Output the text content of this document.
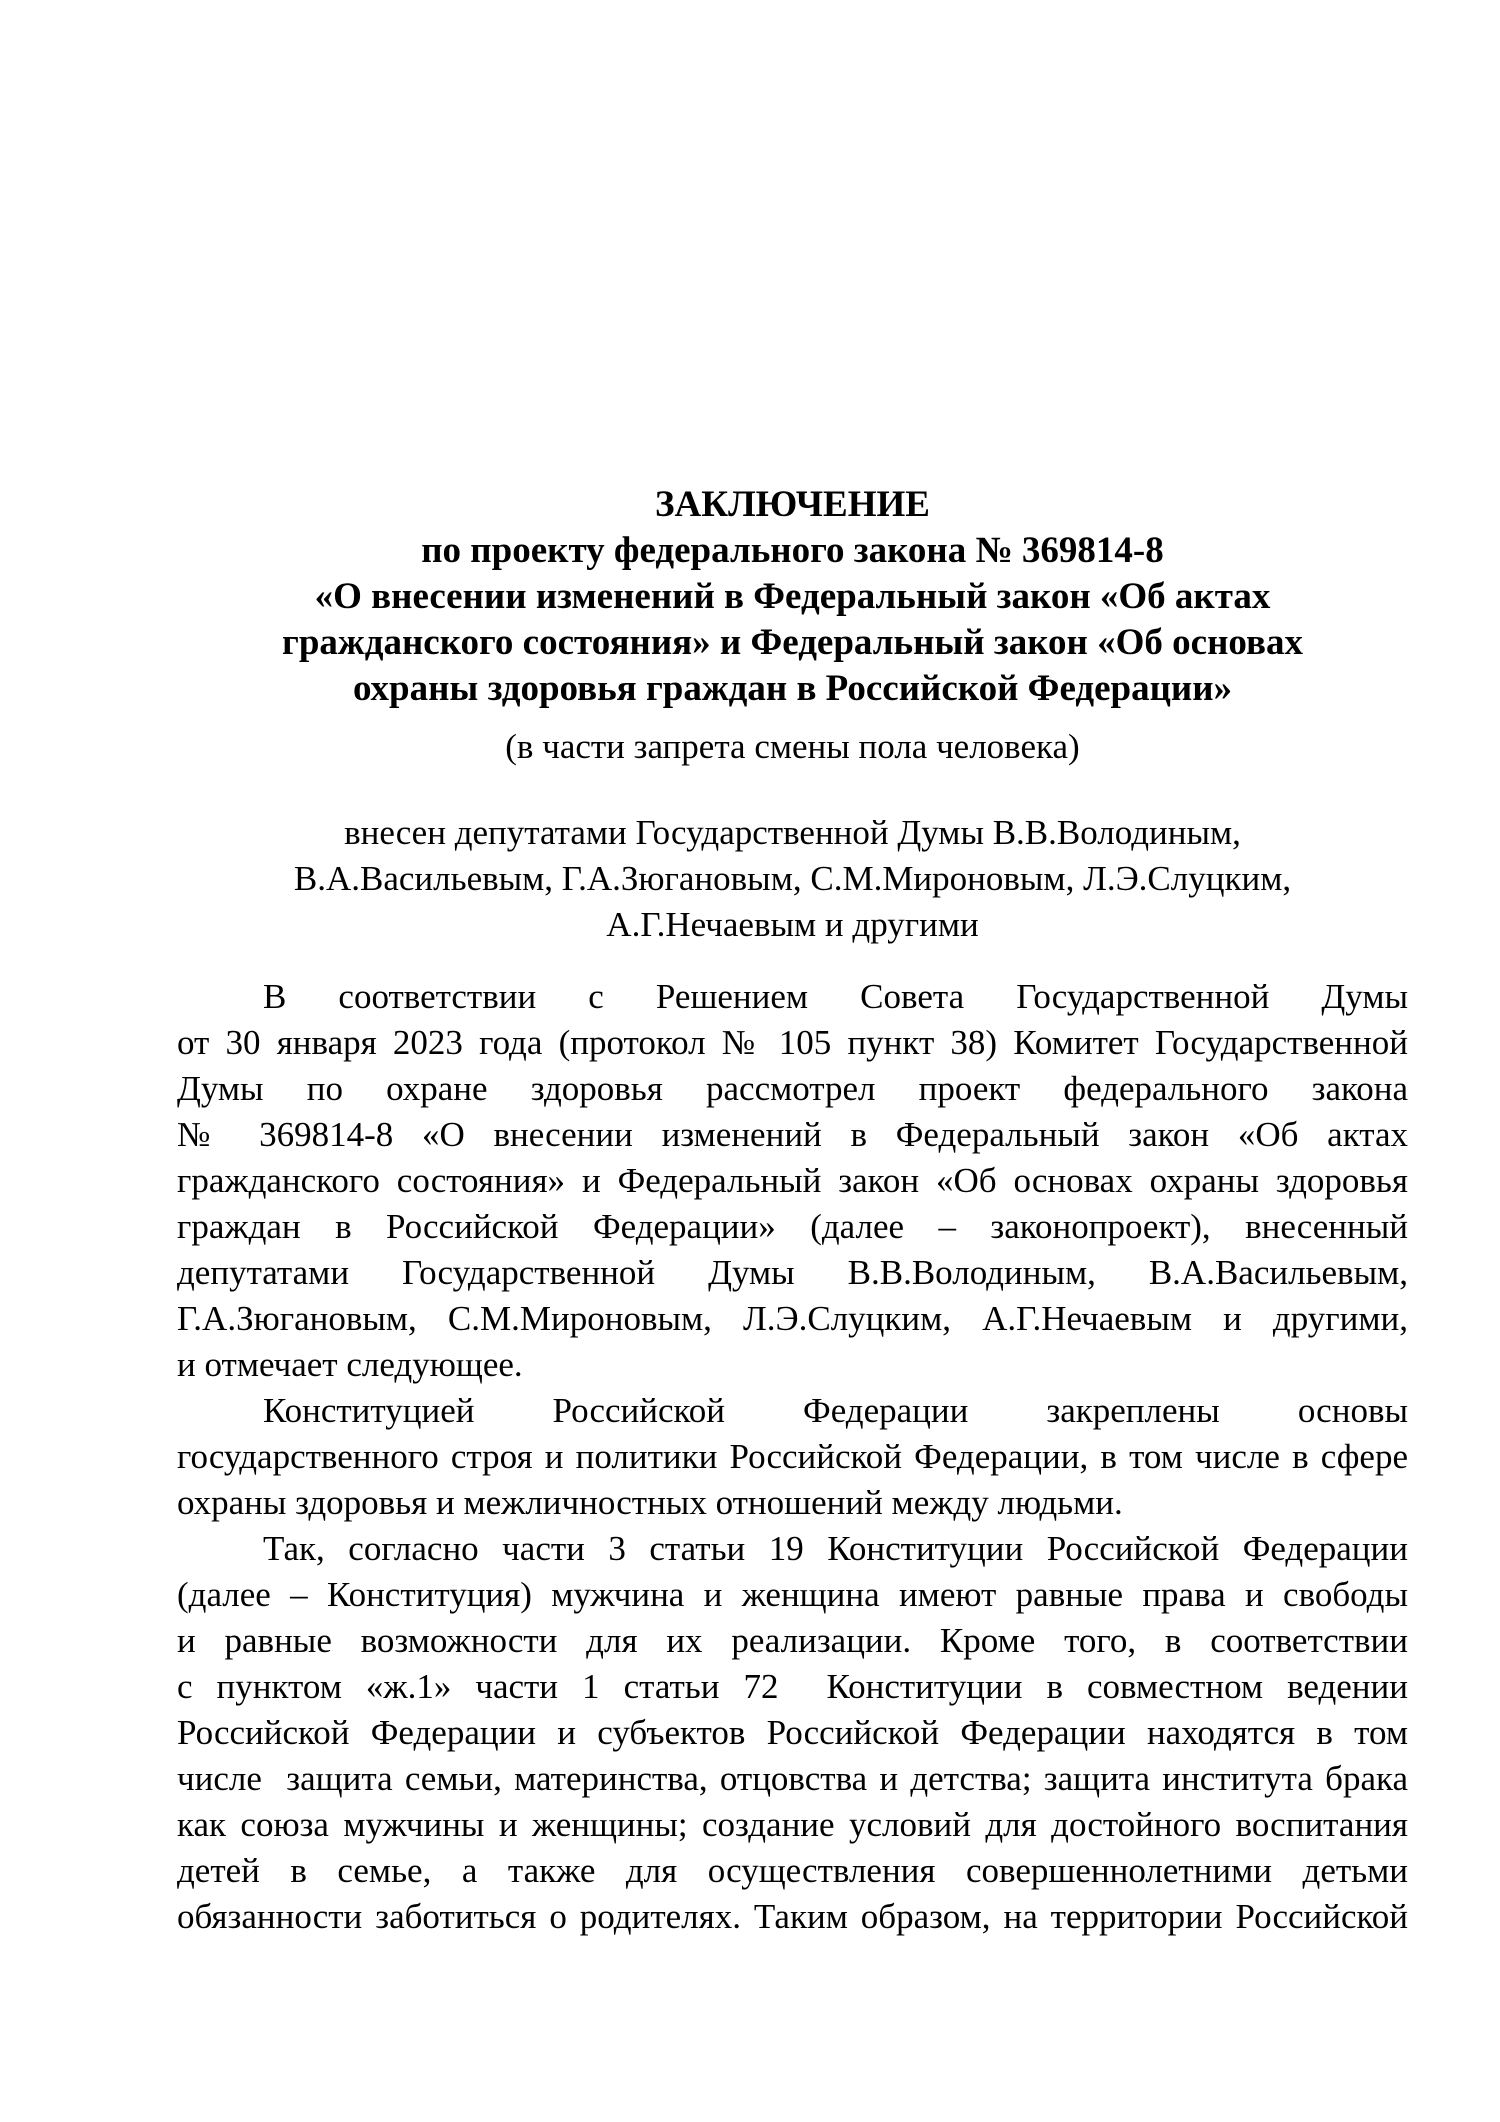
ЗАКЛЮЧЕНИЕ
по проекту федерального закона № 369814-8
«О внесении изменений в Федеральный закон «Об актах
гражданского состояния» и Федеральный закон «Об основах
охраны здоровья граждан в Российской Федерации»
(в части запрета смены пола человека)
внесен депутатами Государственной Думы В.В.Володиным,
В.А.Васильевым, Г.А.Зюгановым, С.М.Мироновым, Л.Э.Слуцким,
А.Г.Нечаевым и другими
В соответствии с Решением Совета Государственной Думы
от 30 января 2023 года (протокол № 105 пункт 38) Комитет Государственной
Думы по охране здоровья рассмотрел проект федерального закона
№ 369814-8 «О внесении изменений в Федеральный закон «Об актах
гражданского состояния» и Федеральный закон «Об основах охраны здоровья
граждан в Российской Федерации» (далее – законопроект), внесенный
депутатами Государственной Думы В.В.Володиным, В.А.Васильевым,
Г.А.Зюгановым, С.М.Мироновым, Л.Э.Слуцким, А.Г.Нечаевым и другими,
и отмечает следующее.
Конституцией Российской Федерации закреплены основы
государственного строя и политики Российской Федерации, в том числе в сфере
охраны здоровья и межличностных отношений между людьми.
Так, согласно части 3 статьи 19 Конституции Российской Федерации
(далее – Конституция) мужчина и женщина имеют равные права и свободы
и равные возможности для их реализации. Кроме того, в соответствии
с пунктом «ж.1» части 1 статьи 72  Конституции в совместном ведении
Российской Федерации и субъектов Российской Федерации находятся в том
числе  защита семьи, материнства, отцовства и детства; защита института брака
как союза мужчины и женщины; создание условий для достойного воспитания
детей в семье, а также для осуществления совершеннолетними детьми
обязанности заботиться о родителях. Таким образом, на территории Российской
